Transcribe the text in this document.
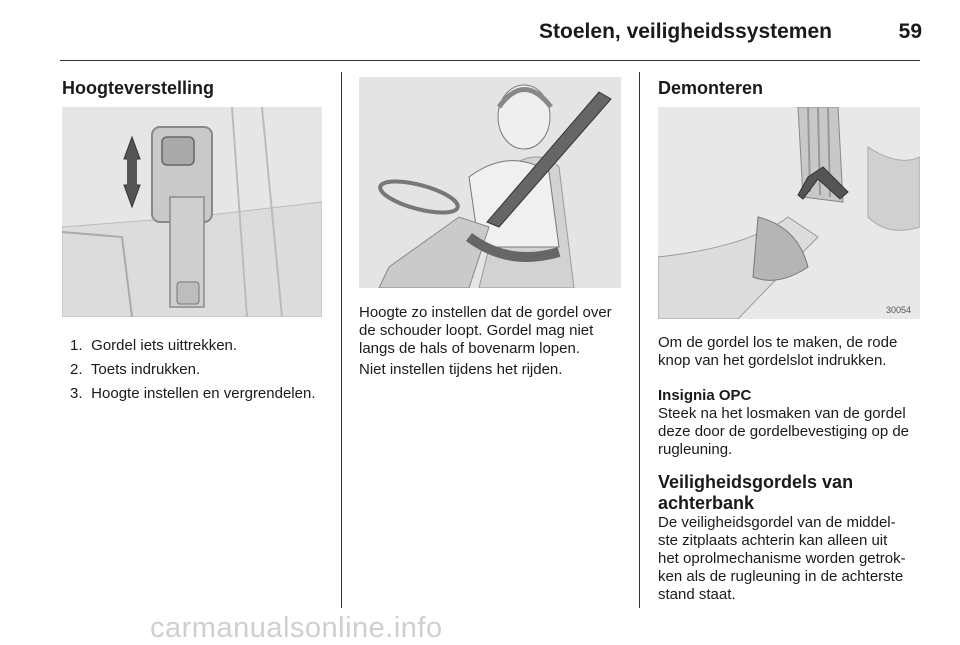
Stoelen, veiligheidssystemen	59
Hoogteverstelling
1. Gordel iets uittrekken.
2. Toets indrukken.
3. Hoogte instellen en vergrendelen.
Hoogte zo instellen dat de gordel over
de schouder loopt. Gordel mag niet
langs de hals of bovenarm lopen.
Niet instellen tijdens het rijden.
Demonteren
30054
Om de gordel los te maken, de rode
knop van het gordelslot indrukken.
Insignia OPC
Steek na het losmaken van de gordel
deze door de gordelbevestiging op de
rugleuning.
Veiligheidsgordels van
achterbank
De veiligheidsgordel van de middel-
ste zitplaats achterin kan alleen uit
het oprolmechanisme worden getrok-
ken als de rugleuning in de achterste
stand staat.
carmanualsonline.info
